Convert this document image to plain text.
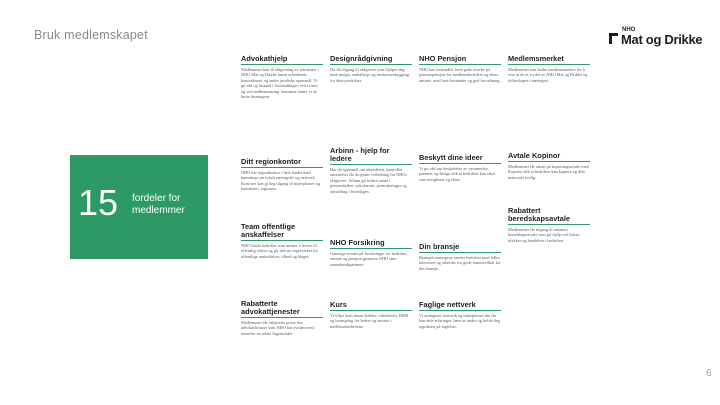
Bruk medlemskapet	NHO
Mat og Drikke
15 fordeler for medlemmer
Advokathjelp
Medlemmer kan få rådgivning av advokater i NHO Mat og Drikke innen arbeidsrett, kontraktsrett og andre juridiske spørsmål. Vi gir råd og bistand i forhandlinger, ved tvister og ved nedbemanning. Sammen finner vi de beste løsningene.
Ditt regionkontor
NHO har regionkontor i hele landet med kunnskap om lokalt næringsliv og nettverk. Kontoret kan gi deg tilgang til møteplasser og kontakter i regionen.
Team offentlige anskaffelser
NHO bistår bedrifter som ønsker å levere til offentlig sektor og gir råd om regelverket for offentlige anskaffelser, tilbud og klager.
Rabatterte advokattjenester
Medlemmer får rabatterte priser hos advokatfirmaer som NHO har avtaler med, innenfor en rekke fagområder.
Designrådgivning
Du får tilgang til rådgivere som hjelper deg med design, emballasje og merkevarebygging for dine produkter.
Arbinn - hjelp for ledere
Har du spørsmål om arbeidsrett, lønn eller ansettelser får du gratis veiledning fra NHOs rådgivere. Arbinn gir ledere støtte i personalsaker, sykefravær, permitteringer og omstilling i hverdagen.
NHO Forsikring
Gunstige avtaler på forsikringer for bedrifter, ansatte og pensjon gjennom NHO sine samarbeidspartnere.
Kurs
Vi tilbyr kurs innen ledelse, arbeidsrett, HMS og bransjefag for ledere og ansatte i medlemsbedriftene.
NHO Pensjon
NHO har forhandlet frem gode avtaler på tjenestepensjon for medlemsbedrifter og deres ansatte, med lave kostnader og god forvaltning.
Beskytt dine ideer
Vi gir råd om beskyttelse av varemerker, patenter og design slik at bedriften kan sikre sine rettigheter og ideer.
Din bransje
Bransjeforeningene samler bedrifter med felles interesser og arbeider for gode rammevilkår for din bransje.
Faglige nettverk
Vi arrangerer nettverk og møteplasser der du kan dele erfaringer, lære av andre og holde deg oppdatert på fagfeltet.
Medlemsmerket
Medlemmer kan bruke medlemsmerket for å vise at de er en del av NHO Mat og Drikke og fellesskapet i næringen.
Avtale Kopinor
Medlemmer får rabatt på kopieringsavtale med Kopinor slik at bedriften kan kopiere og dele materiale lovlig.
Rabattert beredskapsavtale
Medlemmer får tilgang til rabattert beredskapsavtale som gir hjelp ved kriser, ulykker og hendelser i bedriften.
6
